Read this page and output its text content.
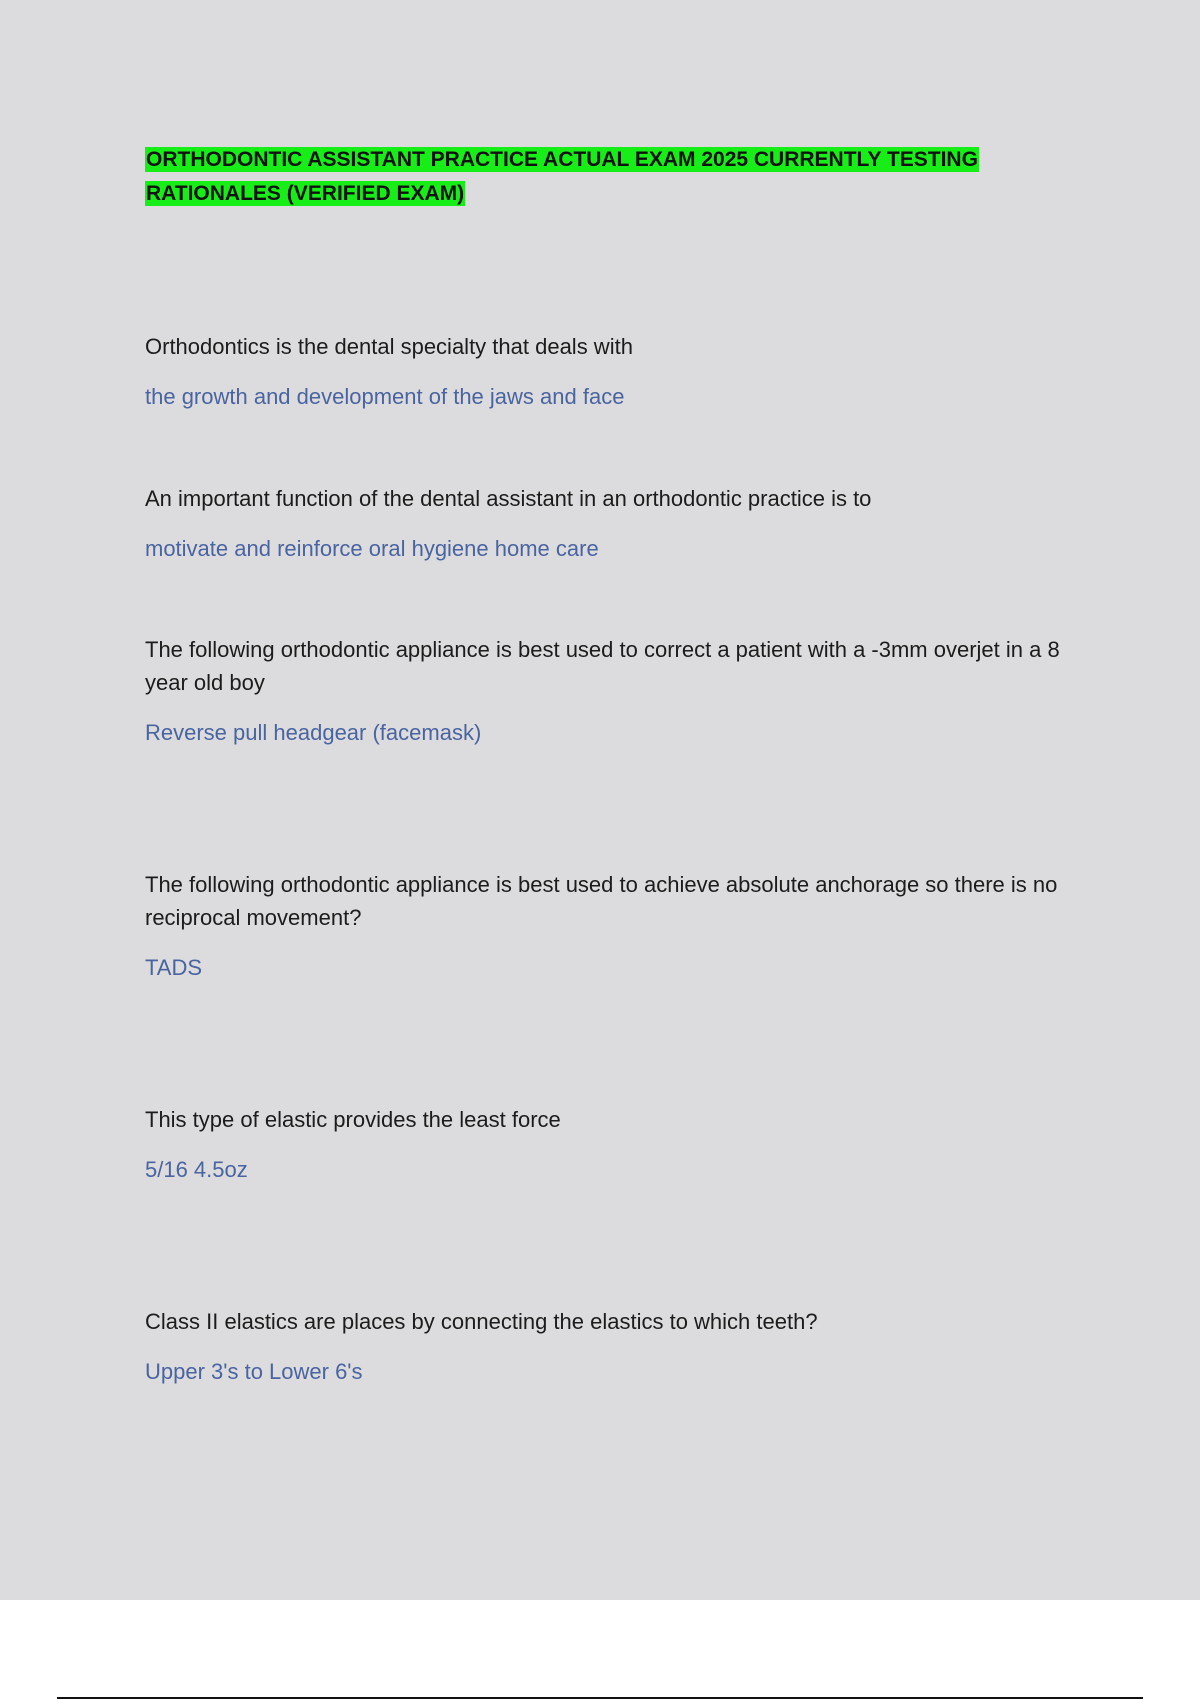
ORTHODONTIC ASSISTANT PRACTICE ACTUAL EXAM 2025 CURRENTLY TESTING RATIONALES (VERIFIED EXAM)

Orthodontics is the dental specialty that deals with

the growth and development of the jaws and face

An important function of the dental assistant in an orthodontic practice is to

motivate and reinforce oral hygiene home care

The following orthodontic appliance is best used to correct a patient with a -3mm overjet in a 8 year old boy

Reverse pull headgear (facemask)

The following orthodontic appliance is best used to achieve absolute anchorage so there is no reciprocal movement?

TADS

This type of elastic provides the least force

5/16 4.5oz

Class II elastics are places by connecting the elastics to which teeth?

Upper 3's to Lower 6's
